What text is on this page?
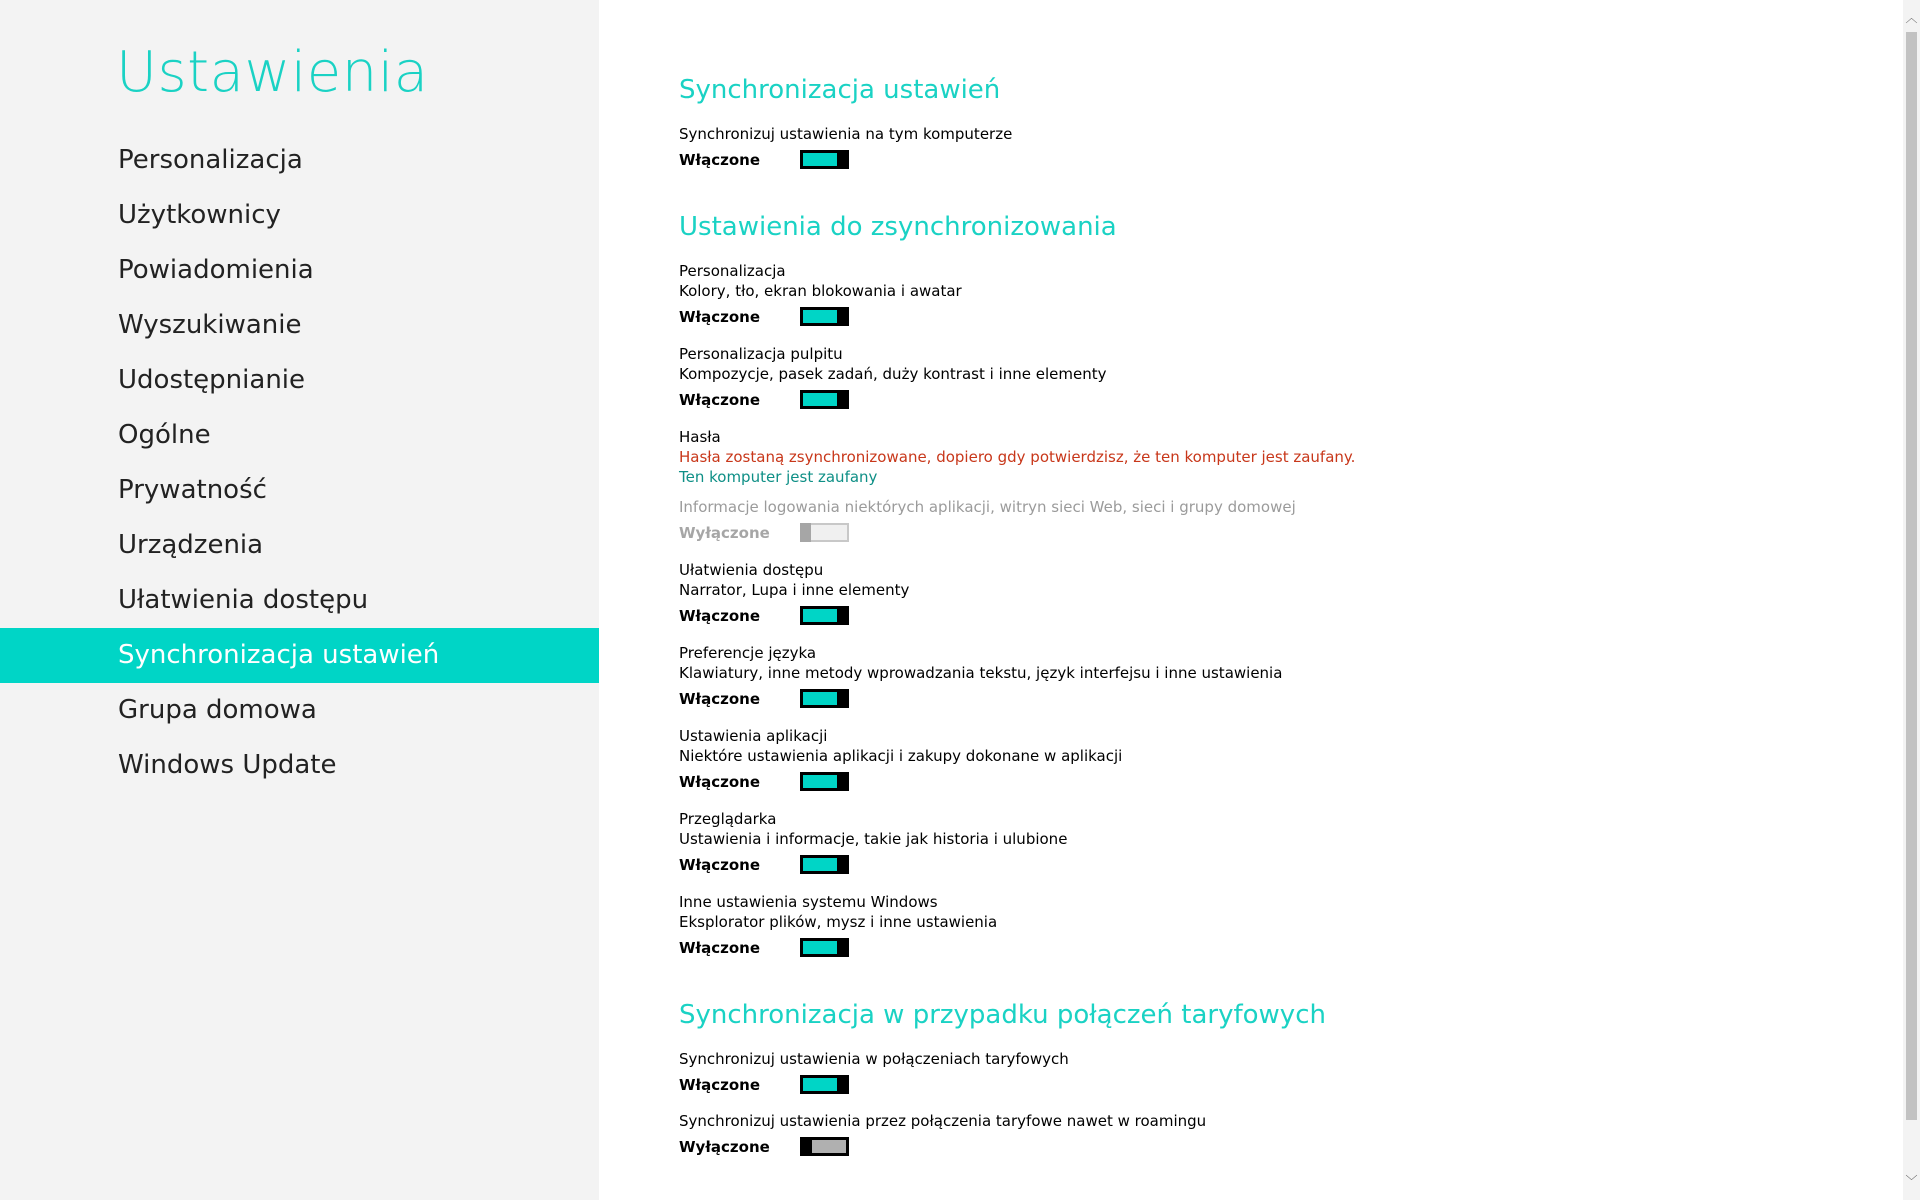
Ustawienia
Personalizacja
Użytkownicy
Powiadomienia
Wyszukiwanie
Udostępnianie
Ogólne
Prywatność
Urządzenia
Ułatwienia dostępu
Synchronizacja ustawień
Grupa domowa
Windows Update
Synchronizacja ustawień
Synchronizuj ustawienia na tym komputerze
Włączone
Ustawienia do zsynchronizowania
Personalizacja
Kolory, tło, ekran blokowania i awatar
Włączone
Personalizacja pulpitu
Kompozycje, pasek zadań, duży kontrast i inne elementy
Włączone
Hasła
Hasła zostaną zsynchronizowane, dopiero gdy potwierdzisz, że ten komputer jest zaufany.
Ten komputer jest zaufany
Informacje logowania niektórych aplikacji, witryn sieci Web, sieci i grupy domowej
Wyłączone
Ułatwienia dostępu
Narrator, Lupa i inne elementy
Włączone
Preferencje języka
Klawiatury, inne metody wprowadzania tekstu, język interfejsu i inne ustawienia
Włączone
Ustawienia aplikacji
Niektóre ustawienia aplikacji i zakupy dokonane w aplikacji
Włączone
Przeglądarka
Ustawienia i informacje, takie jak historia i ulubione
Włączone
Inne ustawienia systemu Windows
Eksplorator plików, mysz i inne ustawienia
Włączone
Synchronizacja w przypadku połączeń taryfowych
Synchronizuj ustawienia w połączeniach taryfowych
Włączone
Synchronizuj ustawienia przez połączenia taryfowe nawet w roamingu
Wyłączone
︿
﹀
